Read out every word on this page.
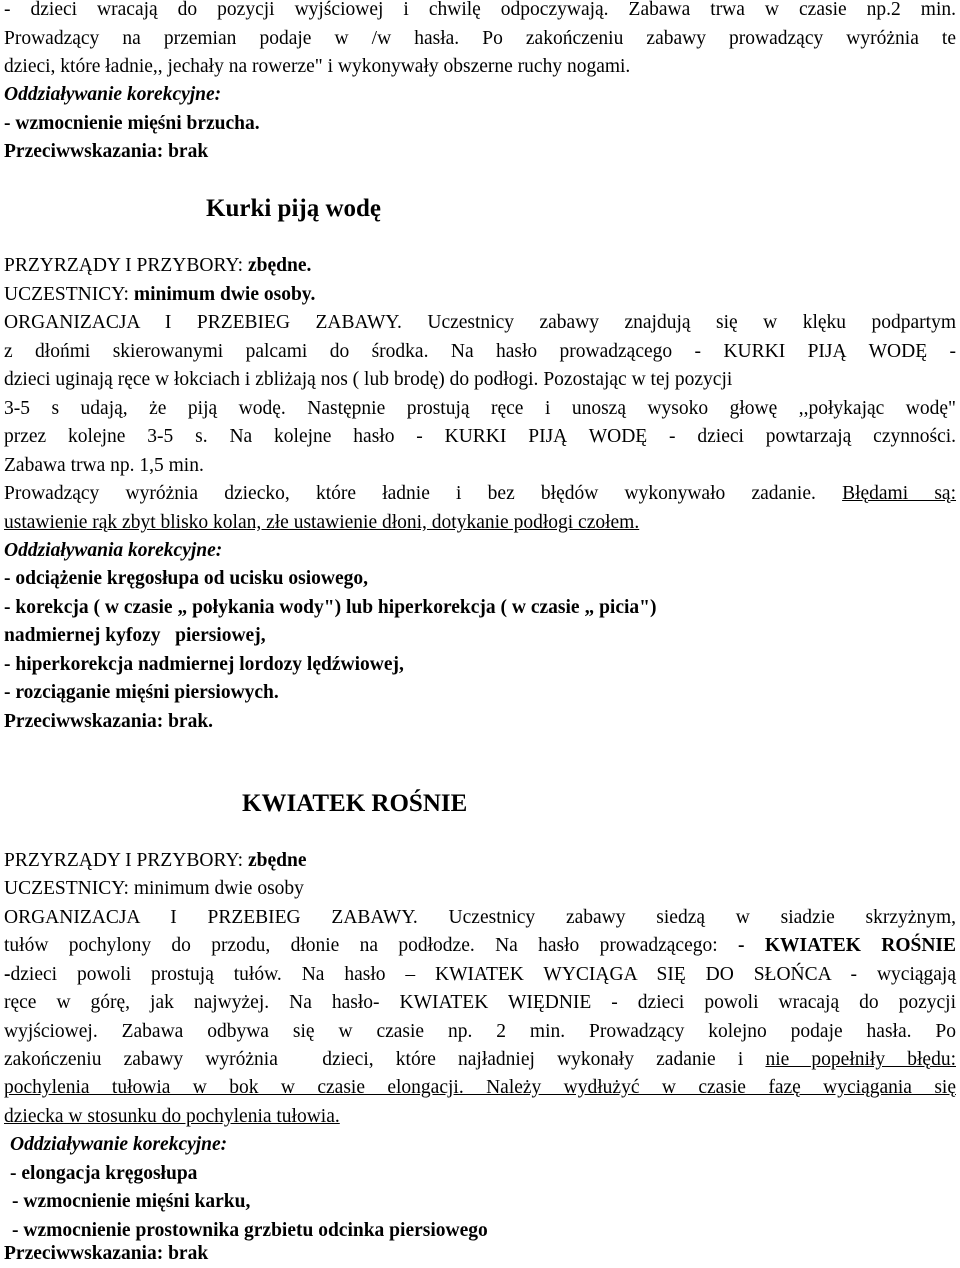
- dzieci wracają do pozycji wyjściowej i chwilę odpoczywają. Zabawa trwa w czasie np.2 min.
Prowadzący na przemian podaje w /w hasła. Po zakończeniu zabawy prowadzący wyróżnia te
dzieci, które ładnie,, jechały na rowerze" i wykonywały obszerne ruchy nogami.
Oddziaływanie korekcyjne:
- wzmocnienie mięśni brzucha.
Przeciwwskazania: brak
Kurki piją wodę
PRZYRZĄDY I PRZYBORY: zbędne.
UCZESTNICY: minimum dwie osoby.
ORGANIZACJA I PRZEBIEG ZABAWY. Uczestnicy zabawy znajdują się w klęku podpartym
z dłońmi skierowanymi palcami do środka. Na hasło prowadzącego - KURKI PIJĄ WODĘ -
dzieci uginają ręce w łokciach i zbliżają nos ( lub brodę) do podłogi. Pozostając w tej pozycji
3-5 s udają, że piją wodę. Następnie prostują ręce i unoszą wysoko głowę ,,połykając wodę"
przez kolejne 3-5 s. Na kolejne hasło - KURKI PIJĄ WODĘ - dzieci powtarzają czynności.
Zabawa trwa np. 1,5 min.
Prowadzący wyróżnia dziecko, które ładnie i bez błędów wykonywało zadanie. Błędami są:
ustawienie rąk zbyt blisko kolan, złe ustawienie dłoni, dotykanie podłogi czołem.
Oddziaływania korekcyjne:
- odciążenie kręgosłupa od ucisku osiowego,
- korekcja ( w czasie „ połykania wody") lub hiperkorekcja ( w czasie „ picia")
nadmiernej kyfozy   piersiowej,
- hiperkorekcja nadmiernej lordozy lędźwiowej,
- rozciąganie mięśni piersiowych.
Przeciwwskazania: brak.
KWIATEK ROŚNIE
PRZYRZĄDY I PRZYBORY: zbędne
UCZESTNICY: minimum dwie osoby
ORGANIZACJA I PRZEBIEG ZABAWY. Uczestnicy zabawy siedzą w siadzie skrzyżnym,
tułów pochylony do przodu, dłonie na podłodze. Na hasło prowadzącego: - KWIATEK ROŚNIE
-dzieci powoli prostują tułów. Na hasło – KWIATEK WYCIĄGA SIĘ DO SŁOŃCA - wyciągają
ręce w górę, jak najwyżej. Na hasło- KWIATEK WIĘDNIE - dzieci powoli wracają do pozycji
wyjściowej. Zabawa odbywa się w czasie np. 2 min. Prowadzący kolejno podaje hasła. Po
zakończeniu zabawy wyróżnia  dzieci, które najładniej wykonały zadanie i nie popełniły błędu:
pochylenia tułowia w bok w czasie elongacji. Należy wydłużyć w czasie fazę wyciągania się
dziecka w stosunku do pochylenia tułowia.
Oddziaływanie korekcyjne:
- elongacja kręgosłupa
- wzmocnienie mięśni karku,
- wzmocnienie prostownika grzbietu odcinka piersiowego
Przeciwwskazania: brak
